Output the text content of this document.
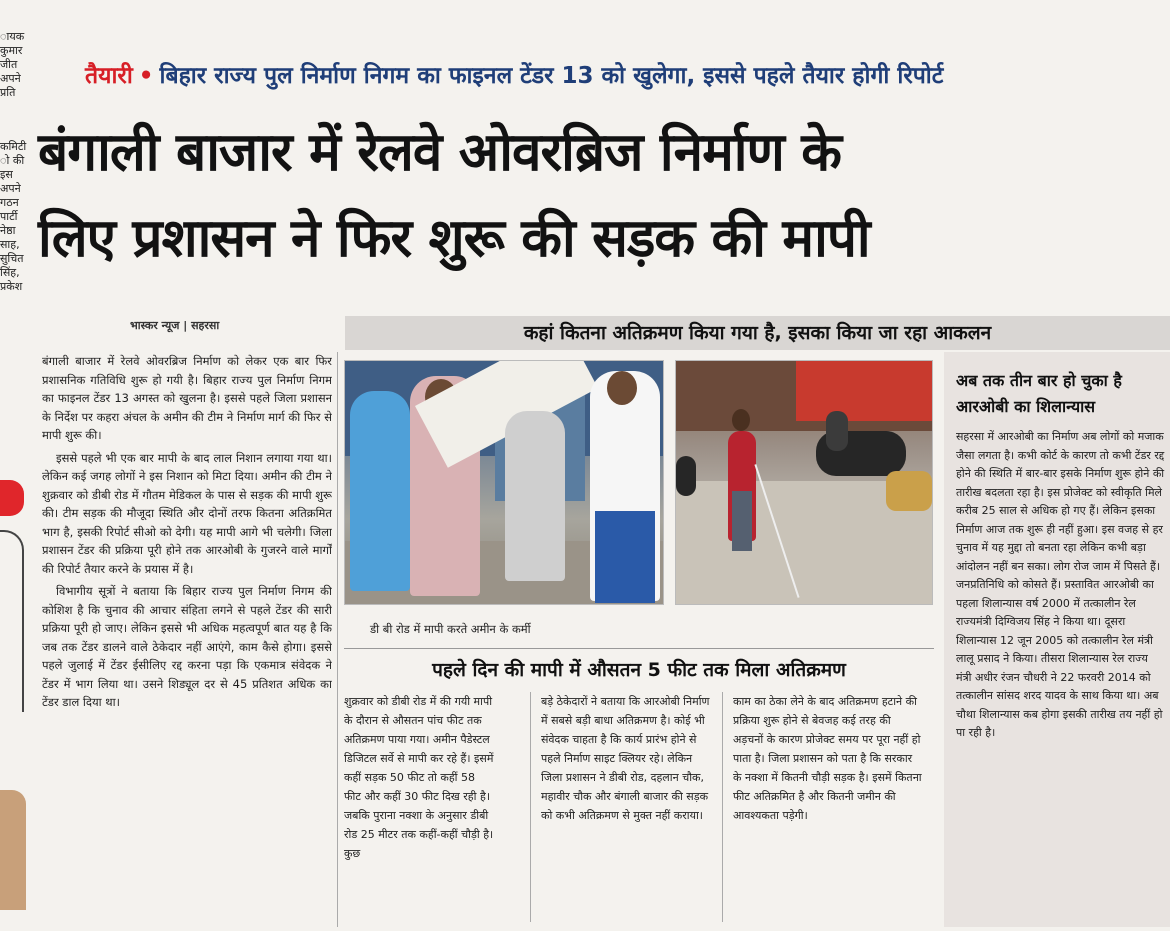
ायक
कुमार
जीत
अपने
प्रति
कमिटी
ो की
इस
अपने
गठन
पार्टी
नेष्ठा
साह,
सुचित
सिंह,
प्रकेश
तैयारी • बिहार राज्य पुल निर्माण निगम का फाइनल टेंडर 13 को खुलेगा, इससे पहले तैयार होगी रिपोर्ट
बंगाली बाजार में रेलवे ओवरब्रिज निर्माण के
लिए प्रशासन ने फिर शुरू की सड़क की मापी
भास्कर न्यूज | सहरसा	कहां कितना अतिक्रमण किया गया है, इसका किया जा रहा आकलन

बंगाली बाजार में रेलवे ओवरब्रिज निर्माण को लेकर एक बार फिर प्रशासनिक गतिविधि शुरू हो गयी है। बिहार राज्य पुल निर्माण निगम का फाइनल टेंडर 13 अगस्त को खुलना है। इससे पहले जिला प्रशासन के निर्देश पर कहरा अंचल के अमीन की टीम ने निर्माण मार्ग की फिर से मापी शुरू की।

इससे पहले भी एक बार मापी के बाद लाल निशान लगाया गया था। लेकिन कई जगह लोगों ने इस निशान को मिटा दिया। अमीन की टीम ने शुक्रवार को डीबी रोड में गौतम मेडिकल के पास से सड़क की मापी शुरू की। टीम सड़क की मौजूदा स्थिति और दोनों तरफ कितना अतिक्रमित भाग है, इसकी रिपोर्ट सीओ को देगी। यह मापी आगे भी चलेगी। जिला प्रशासन टेंडर की प्रक्रिया पूरी होने तक आरओबी के गुजरने वाले मार्गों की रिपोर्ट तैयार करने के प्रयास में है।

विभागीय सूत्रों ने बताया कि बिहार राज्य पुल निर्माण निगम की कोशिश है कि चुनाव की आचार संहिता लगने से पहले टेंडर की सारी प्रक्रिया पूरी हो जाए। लेकिन इससे भी अधिक महत्वपूर्ण बात यह है कि जब तक टेंडर डालने वाले ठेकेदार नहीं आएंगे, काम कैसे होगा। इससे पहले जुलाई में टेंडर ईसीलिए रद्द करना पड़ा कि एकमात्र संवेदक ने टेंडर में भाग लिया था। उसने शिड्यूल दर से 45 प्रतिशत अधिक का टेंडर डाल दिया था।

डी बी रोड में मापी करते अमीन के कर्मी
पहले दिन की मापी में औसतन 5 फीट तक मिला अतिक्रमण

शुक्रवार को डीबी रोड में की गयी मापी के दौरान से औसतन पांच फीट तक अतिक्रमण पाया गया। अमीन पैडेस्टल डिजिटल सर्वे से मापी कर रहे हैं। इसमें कहीं सड़क 50 फीट तो कहीं 58 फीट और कहीं 30 फीट दिख रही है। जबकि पुराना नक्शा के अनुसार डीबी रोड 25 मीटर तक कहीं-कहीं चौड़ी है। कुछ

बड़े ठेकेदारों ने बताया कि आरओबी निर्माण में सबसे बड़ी बाधा अतिक्रमण है। कोई भी संवेदक चाहता है कि कार्य प्रारंभ होने से पहले निर्माण साइट क्लियर रहे। लेकिन जिला प्रशासन ने डीबी रोड, दहलान चौक, महावीर चौक और बंगाली बाजार की सड़क को कभी अतिक्रमण से मुक्त नहीं कराया।

काम का ठेका लेने के बाद अतिक्रमण हटाने की प्रक्रिया शुरू होने से बेवजह कई तरह की अड़चनों के कारण प्रोजेक्ट समय पर पूरा नहीं हो पाता है। जिला प्रशासन को पता है कि सरकार के नक्शा में कितनी चौड़ी सड़क है। इसमें कितना फीट अतिक्रमित है और कितनी जमीन की आवश्यकता पड़ेगी।

अब तक तीन बार हो चुका है आरओबी का शिलान्यास

सहरसा में आरओबी का निर्माण अब लोगों को मजाक जैसा लगता है। कभी कोर्ट के कारण तो कभी टेंडर रद्द होने की स्थिति में बार-बार इसके निर्माण शुरू होने की तारीख बदलता रहा है। इस प्रोजेक्ट को स्वीकृति मिले करीब 25 साल से अधिक हो गए हैं। लेकिन इसका निर्माण आज तक शुरू ही नहीं हुआ। इस वजह से हर चुनाव में यह मुद्दा तो बनता रहा लेकिन कभी बड़ा आंदोलन नहीं बन सका। लोग रोज जाम में पिसते हैं। जनप्रतिनिधि को कोसते हैं। प्रस्तावित आरओबी का पहला शिलान्यास वर्ष 2000 में तत्कालीन रेल राज्यमंत्री दिग्विजय सिंह ने किया था। दूसरा शिलान्यास 12 जून 2005 को तत्कालीन रेल मंत्री लालू प्रसाद ने किया। तीसरा शिलान्यास रेल राज्य मंत्री अधीर रंजन चौधरी ने 22 फरवरी 2014 को तत्कालीन सांसद शरद यादव के साथ किया था। अब चौथा शिलान्यास कब होगा इसकी तारीख तय नहीं हो पा रही है।
